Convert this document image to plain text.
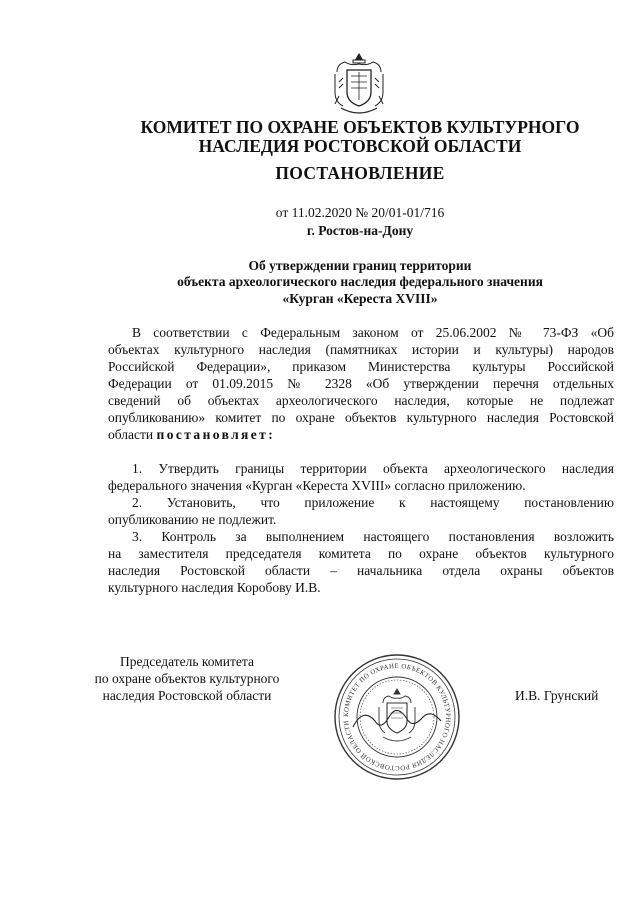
КОМИТЕТ ПО ОХРАНЕ ОБЪЕКТОВ КУЛЬТУРНОГО
НАСЛЕДИЯ РОСТОВСКОЙ ОБЛАСТИ
ПОСТАНОВЛЕНИЕ
от 11.02.2020 № 20/01-01/716
г. Ростов-на-Дону
Об утверждении границ территории
объекта археологического наследия федерального значения
«Курган «Кереста XVIII»
В соответствии с Федеральным законом от 25.06.2002 № 73-ФЗ «Об
объектах культурного наследия (памятниках истории и культуры) народов
Российской Федерации», приказом Министерства культуры Российской
Федерации от 01.09.2015 № 2328 «Об утверждении перечня отдельных
сведений об объектах археологического наследия, которые не подлежат
опубликованию» комитет по охране объектов культурного наследия Ростовской
области постановляет:
1. Утвердить границы территории объекта археологического наследия
федерального значения «Курган «Кереста XVIII» согласно приложению.
2. Установить, что приложение к настоящему постановлению
опубликованию не подлежит.
3. Контроль за выполнением настоящего постановления возложить
на заместителя председателя комитета по охране объектов культурного
наследия Ростовской области – начальника отдела охраны объектов
культурного наследия Коробову И.В.
Председатель комитета
по охране объектов культурного
наследия Ростовской области	И.В. Грунский
КОМИТЕТ ПО ОХРАНЕ ОБЪЕКТОВ КУЛЬТУРНОГО НАСЛЕДИЯ РОСТОВСКОЙ ОБЛАСТИ
